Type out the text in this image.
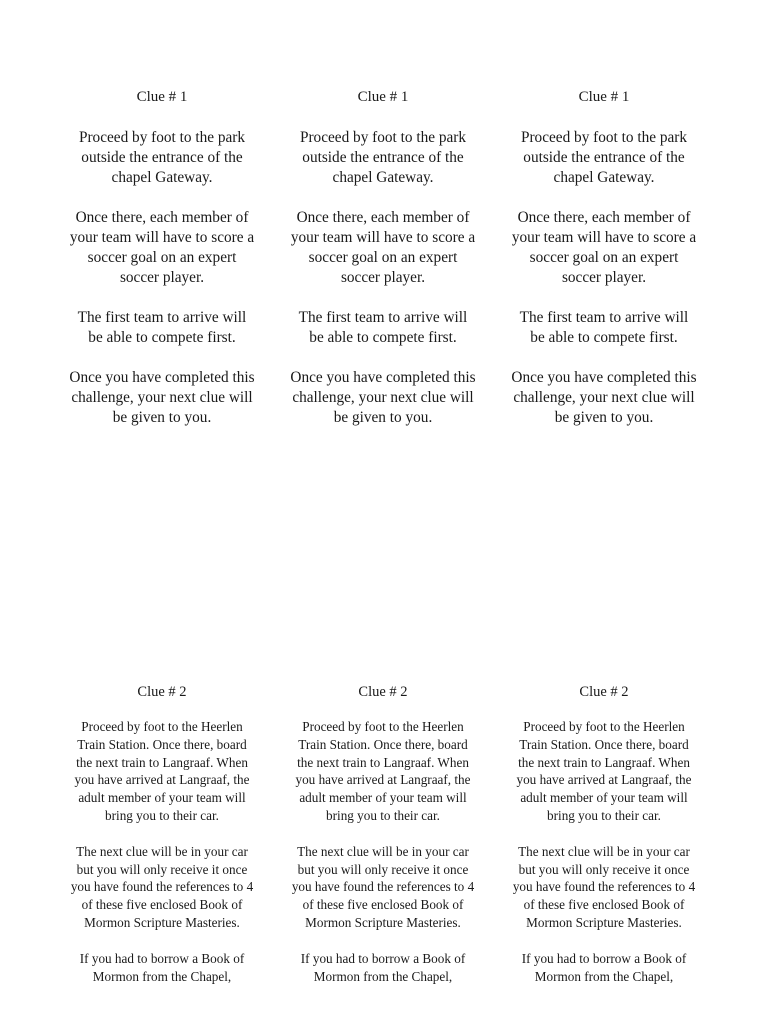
Clue # 1

Proceed by foot to the park outside the entrance of the chapel Gateway.

Once there, each member of your team will have to score a soccer goal on an expert soccer player.

The first team to arrive will be able to compete first.

Once you have completed this challenge, your next clue will be given to you.

Clue # 1

Proceed by foot to the park outside the entrance of the chapel Gateway.

Once there, each member of your team will have to score a soccer goal on an expert soccer player.

The first team to arrive will be able to compete first.

Once you have completed this challenge, your next clue will be given to you.

Clue # 1

Proceed by foot to the park outside the entrance of the chapel Gateway.

Once there, each member of your team will have to score a soccer goal on an expert soccer player.

The first team to arrive will be able to compete first.

Once you have completed this challenge, your next clue will be given to you.

Clue # 2

Proceed by foot to the Heerlen Train Station. Once there, board the next train to Langraaf. When you have arrived at Langraaf, the adult member of your team will bring you to their car.

The next clue will be in your car but you will only receive it once you have found the references to 4 of these five enclosed Book of Mormon Scripture Masteries.

If you had to borrow a Book of Mormon from the Chapel,

Clue # 2

Proceed by foot to the Heerlen Train Station. Once there, board the next train to Langraaf. When you have arrived at Langraaf, the adult member of your team will bring you to their car.

The next clue will be in your car but you will only receive it once you have found the references to 4 of these five enclosed Book of Mormon Scripture Masteries.

If you had to borrow a Book of Mormon from the Chapel,

Clue # 2

Proceed by foot to the Heerlen Train Station. Once there, board the next train to Langraaf. When you have arrived at Langraaf, the adult member of your team will bring you to their car.

The next clue will be in your car but you will only receive it once you have found the references to 4 of these five enclosed Book of Mormon Scripture Masteries.

If you had to borrow a Book of Mormon from the Chapel,
